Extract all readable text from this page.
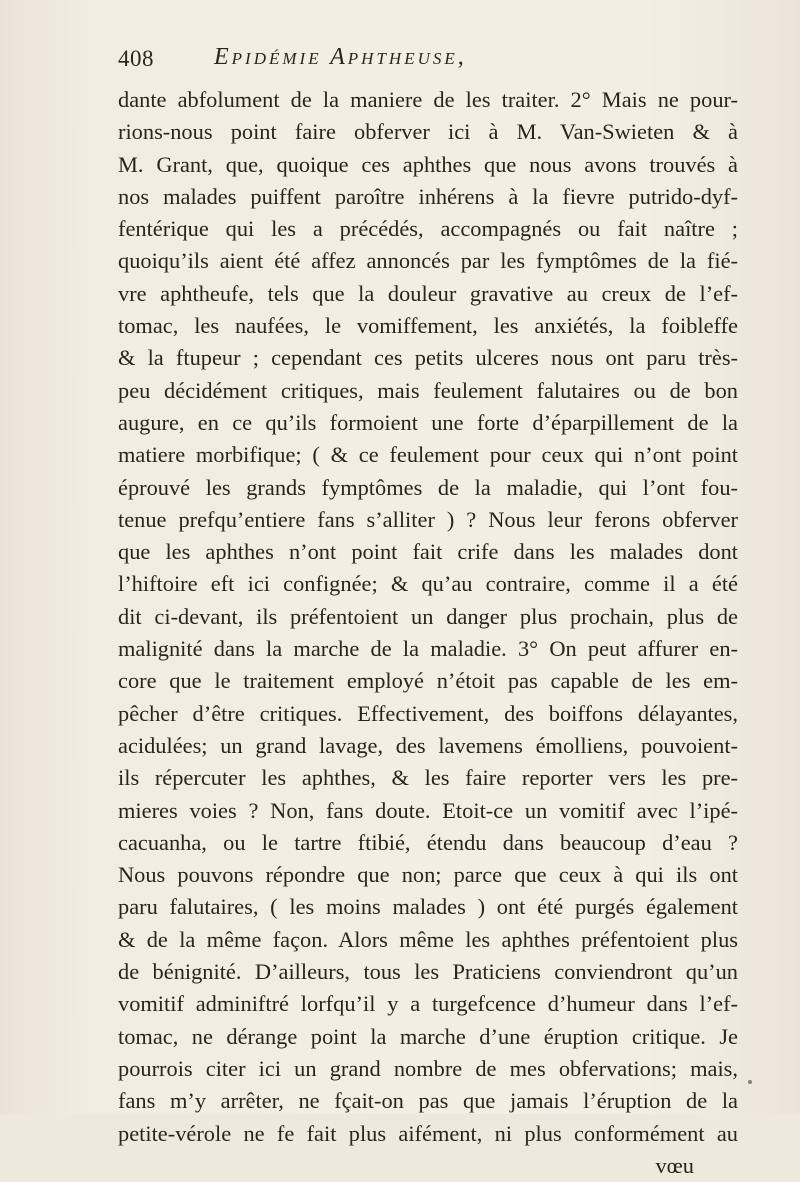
408	Epidémie Aphtheuse,
dante abfolument de la maniere de les traiter. 2° Mais ne pour-
rions-nous point faire obferver ici à M. Van-Swieten & à
M. Grant, que, quoique ces aphthes que nous avons trouvés à
nos malades puiffent paroître inhérens à la fievre putrido-dyf-
fentérique qui les a précédés, accompagnés ou fait naître ;
quoiqu’ils aient été affez annoncés par les fymptômes de la fié-
vre aphtheufe, tels que la douleur gravative au creux de l’ef-
tomac, les naufées, le vomiffement, les anxiétés, la foibleffe
& la ftupeur ; cependant ces petits ulceres nous ont paru très-
peu décidément critiques, mais feulement falutaires ou de bon
augure, en ce qu’ils formoient une forte d’éparpillement de la
matiere morbifique; ( & ce feulement pour ceux qui n’ont point
éprouvé les grands fymptômes de la maladie, qui l’ont fou-
tenue prefqu’entiere fans s’alliter ) ? Nous leur ferons obferver
que les aphthes n’ont point fait crife dans les malades dont
l’hiftoire eft ici confignée; & qu’au contraire, comme il a été
dit ci-devant, ils préfentoient un danger plus prochain, plus de
malignité dans la marche de la maladie. 3° On peut affurer en-
core que le traitement employé n’étoit pas capable de les em-
pêcher d’être critiques. Effectivement, des boiffons délayantes,
acidulées; un grand lavage, des lavemens émolliens, pouvoient-
ils répercuter les aphthes, & les faire reporter vers les pre-
mieres voies ? Non, fans doute. Etoit-ce un vomitif avec l’ipé-
cacuanha, ou le tartre ftibié, étendu dans beaucoup d’eau ?
Nous pouvons répondre que non; parce que ceux à qui ils ont
paru falutaires, ( les moins malades ) ont été purgés également
& de la même façon. Alors même les aphthes préfentoient plus
de bénignité. D’ailleurs, tous les Praticiens conviendront qu’un
vomitif adminiftré lorfqu’il y a turgefcence d’humeur dans l’ef-
tomac, ne dérange point la marche d’une éruption critique. Je
pourrois citer ici un grand nombre de mes obfervations; mais,
fans m’y arrêter, ne fçait-on pas que jamais l’éruption de la
petite-vérole ne fe fait plus aifément, ni plus conformément au
vœu
